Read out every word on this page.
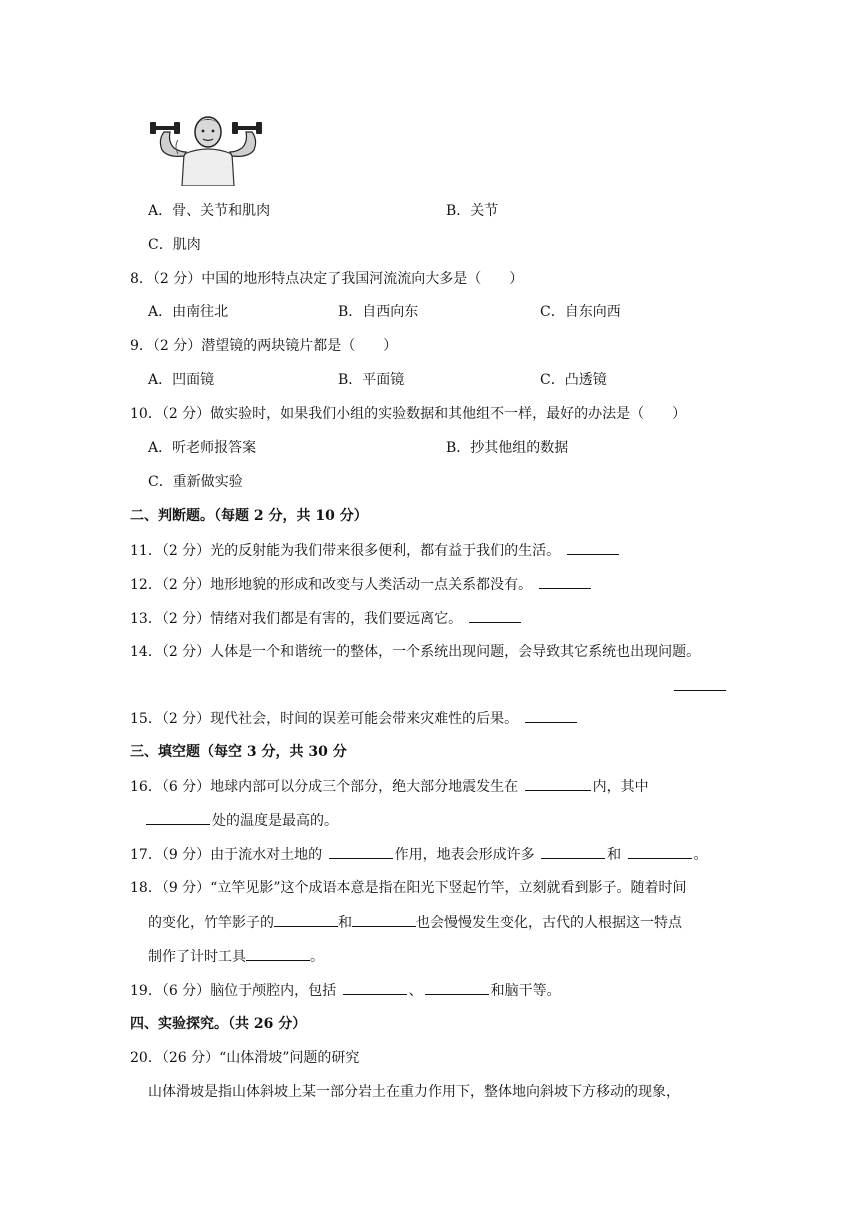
A．骨、关节和肌肉	B．关节
C．肌肉
8．（2 分）中国的地形特点决定了我国河流流向大多是（　　）
A．由南往北	B．自西向东	C．自东向西
9．（2 分）潜望镜的两块镜片都是（　　）
A．凹面镜	B．平面镜	C．凸透镜
10．（2 分）做实验时，如果我们小组的实验数据和其他组不一样，最好的办法是（　　）
A．听老师报答案	B．抄其他组的数据
C．重新做实验
二、判断题。（每题 2 分，共 10 分）
11．（2 分）光的反射能为我们带来很多便利，都有益于我们的生活。
12．（2 分）地形地貌的形成和改变与人类活动一点关系都没有。
13．（2 分）情绪对我们都是有害的，我们要远离它。
14．（2 分）人体是一个和谐统一的整体，一个系统出现问题，会导致其它系统也出现问题。
15．（2 分）现代社会，时间的误差可能会带来灾难性的后果。
三、填空题（每空 3 分，共 30 分
16．（6 分）地球内部可以分成三个部分，绝大部分地震发生在	内，其中
处的温度是最高的。
17．（9 分）由于流水对土地的	作用，地表会形成许多	和	。
18．（9 分）“立竿见影”这个成语本意是指在阳光下竖起竹竿，立刻就看到影子。随着时间
的变化，竹竿影子的	和	也会慢慢发生变化，古代的人根据这一特点
制作了计时工具	。
19．（6 分）脑位于颅腔内，包括	、	和脑干等。
四、实验探究。（共 26 分）
20．（26 分）“山体滑坡”问题的研究
山体滑坡是指山体斜坡上某一部分岩土在重力作用下，整体地向斜坡下方移动的现象，
